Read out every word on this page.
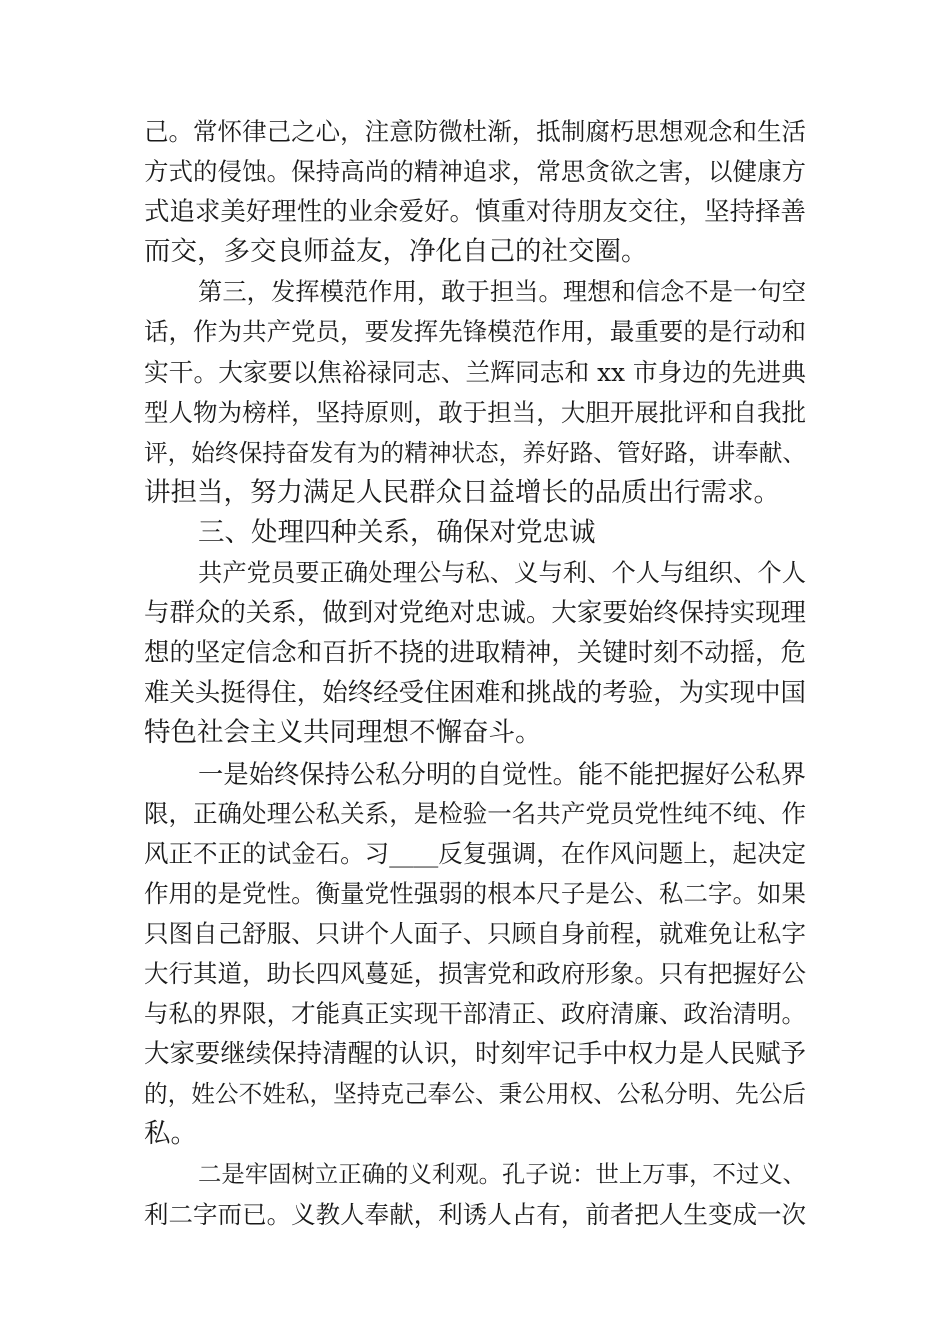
己。常怀律己之心，注意防微杜渐，抵制腐朽思想观念和生活
方式的侵蚀。保持高尚的精神追求，常思贪欲之害，以健康方
式追求美好理性的业余爱好。慎重对待朋友交往，坚持择善
而交，多交良师益友，净化自己的社交圈。
第三，发挥模范作用，敢于担当。理想和信念不是一句空
话，作为共产党员，要发挥先锋模范作用，最重要的是行动和
实干。大家要以焦裕禄同志、兰辉同志和 xx 市身边的先进典
型人物为榜样，坚持原则，敢于担当，大胆开展批评和自我批
评，始终保持奋发有为的精神状态，养好路、管好路，讲奉献、
讲担当，努力满足人民群众日益增长的品质出行需求。
三、处理四种关系，确保对党忠诚
共产党员要正确处理公与私、义与利、个人与组织、个人
与群众的关系，做到对党绝对忠诚。大家要始终保持实现理
想的坚定信念和百折不挠的进取精神，关键时刻不动摇，危
难关头挺得住，始终经受住困难和挑战的考验，为实现中国
特色社会主义共同理想不懈奋斗。
一是始终保持公私分明的自觉性。能不能把握好公私界
限，正确处理公私关系，是检验一名共产党员党性纯不纯、作
风正不正的试金石。习____反复强调，在作风问题上，起决定
作用的是党性。衡量党性强弱的根本尺子是公、私二字。如果
只图自己舒服、只讲个人面子、只顾自身前程，就难免让私字
大行其道，助长四风蔓延，损害党和政府形象。只有把握好公
与私的界限，才能真正实现干部清正、政府清廉、政治清明。
大家要继续保持清醒的认识，时刻牢记手中权力是人民赋予
的，姓公不姓私，坚持克己奉公、秉公用权、公私分明、先公后
私。
二是牢固树立正确的义利观。孔子说：世上万事，不过义、
利二字而已。义教人奉献，利诱人占有，前者把人生变成一次
